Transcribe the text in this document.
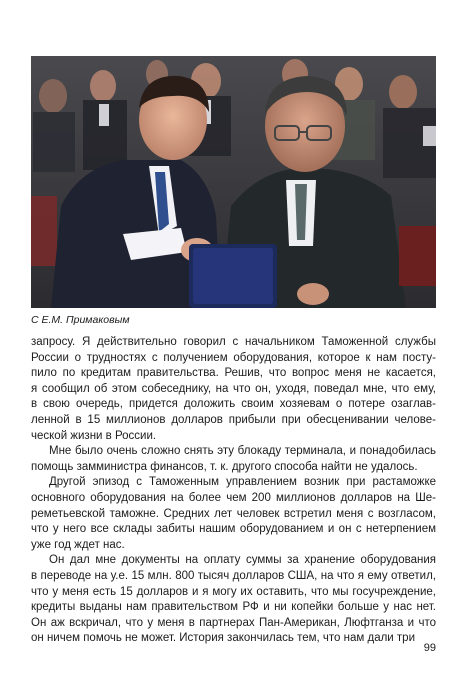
С Е.М. Примаковым
запросу. Я действительно говорил с начальником Таможенной службы
России о трудностях с получением оборудования, которое к нам посту-
пило по кредитам правительства. Решив, что вопрос меня не касается,
я сообщил об этом собеседнику, на что он, уходя, поведал мне, что ему,
в свою очередь, придется доложить своим хозяевам о потере озаглав-
ленной в 15 миллионов долларов прибыли при обесценивании челове-
ческой жизни в России.
Мне было очень сложно снять эту блокаду терминала, и понадобилась
помощь замминистра финансов, т. к. другого способа найти не удалось.
Другой эпизод с Таможенным управлением возник при растаможке
основного оборудования на более чем 200 миллионов долларов на Ше-
реметьевской таможне. Средних лет человек встретил меня с возгласом,
что у него все склады забиты нашим оборудованием и он с нетерпением
уже год ждет нас.
Он дал мне документы на оплату суммы за хранение оборудования
в переводе на у.е. 15 млн. 800 тысяч долларов США, на что я ему ответил,
что у меня есть 15 долларов и я могу их оставить, что мы госучреждение,
кредиты выданы нам правительством РФ и ни копейки больше у нас нет.
Он аж вскричал, что у меня в партнерах Пан-Американ, Люфтганза и что
он ничем помочь не может. История закончилась тем, что нам дали три
99
